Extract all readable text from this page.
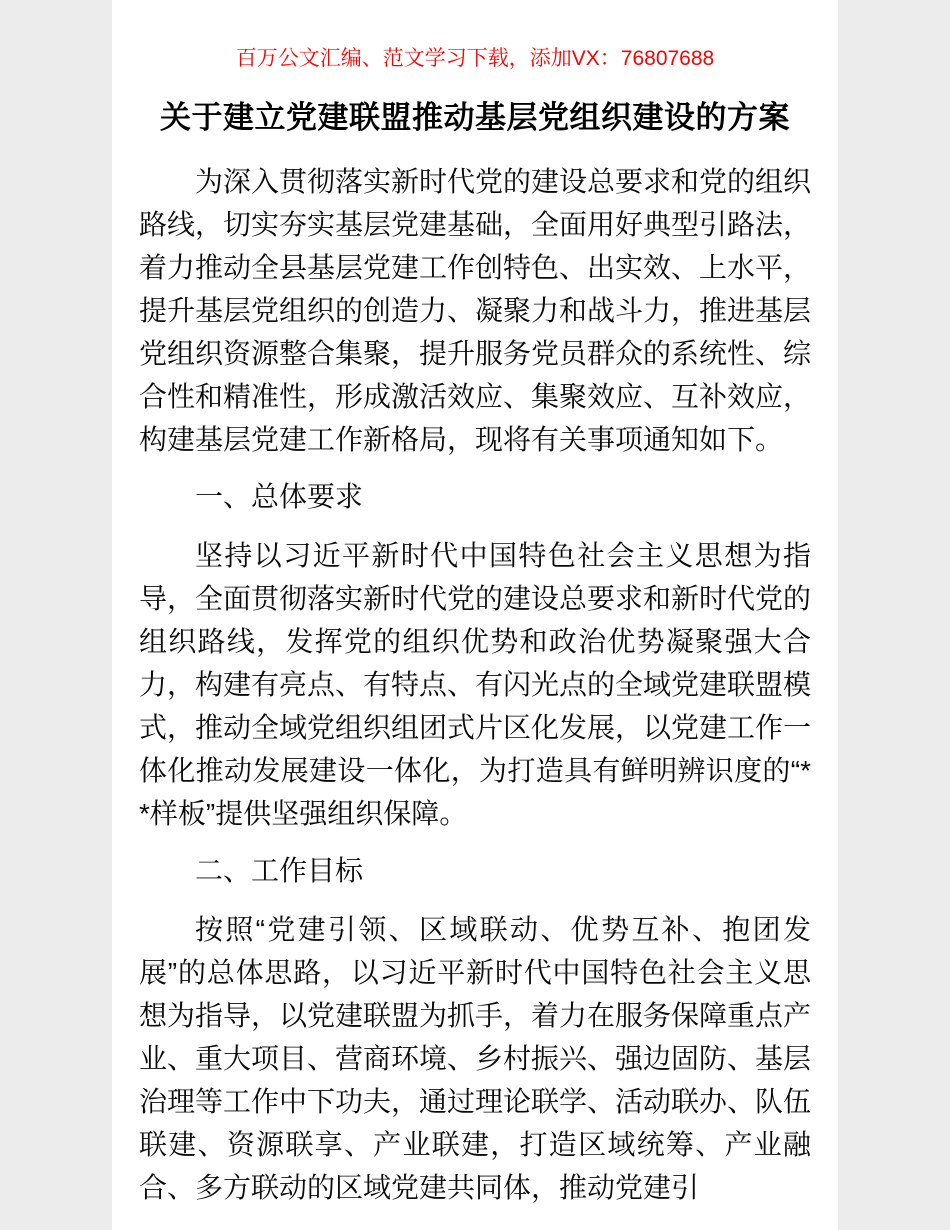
百万公文汇编、范文学习下载，添加VX：76807688
关于建立党建联盟推动基层党组织建设的方案

为深入贯彻落实新时代党的建设总要求和党的组织路线，切实夯实基层党建基础，全面用好典型引路法，着力推动全县基层党建工作创特色、出实效、上水平，提升基层党组织的创造力、凝聚力和战斗力，推进基层党组织资源整合集聚，提升服务党员群众的系统性、综合性和精准性，形成激活效应、集聚效应、互补效应，构建基层党建工作新格局，现将有关事项通知如下。

一、总体要求

坚持以习近平新时代中国特色社会主义思想为指导，全面贯彻落实新时代党的建设总要求和新时代党的组织路线，发挥党的组织优势和政治优势凝聚强大合力，构建有亮点、有特点、有闪光点的全域党建联盟模式，推动全域党组织组团式片区化发展，以党建工作一体化推动发展建设一体化，为打造具有鲜明辨识度的“**样板”提供坚强组织保障。

二、工作目标

按照“党建引领、区域联动、优势互补、抱团发展”的总体思路，以习近平新时代中国特色社会主义思想为指导，以党建联盟为抓手，着力在服务保障重点产业、重大项目、营商环境、乡村振兴、强边固防、基层治理等工作中下功夫，通过理论联学、活动联办、队伍联建、资源联享、产业联建，打造区域统筹、产业融合、多方联动的区域党建共同体，推动党建引
